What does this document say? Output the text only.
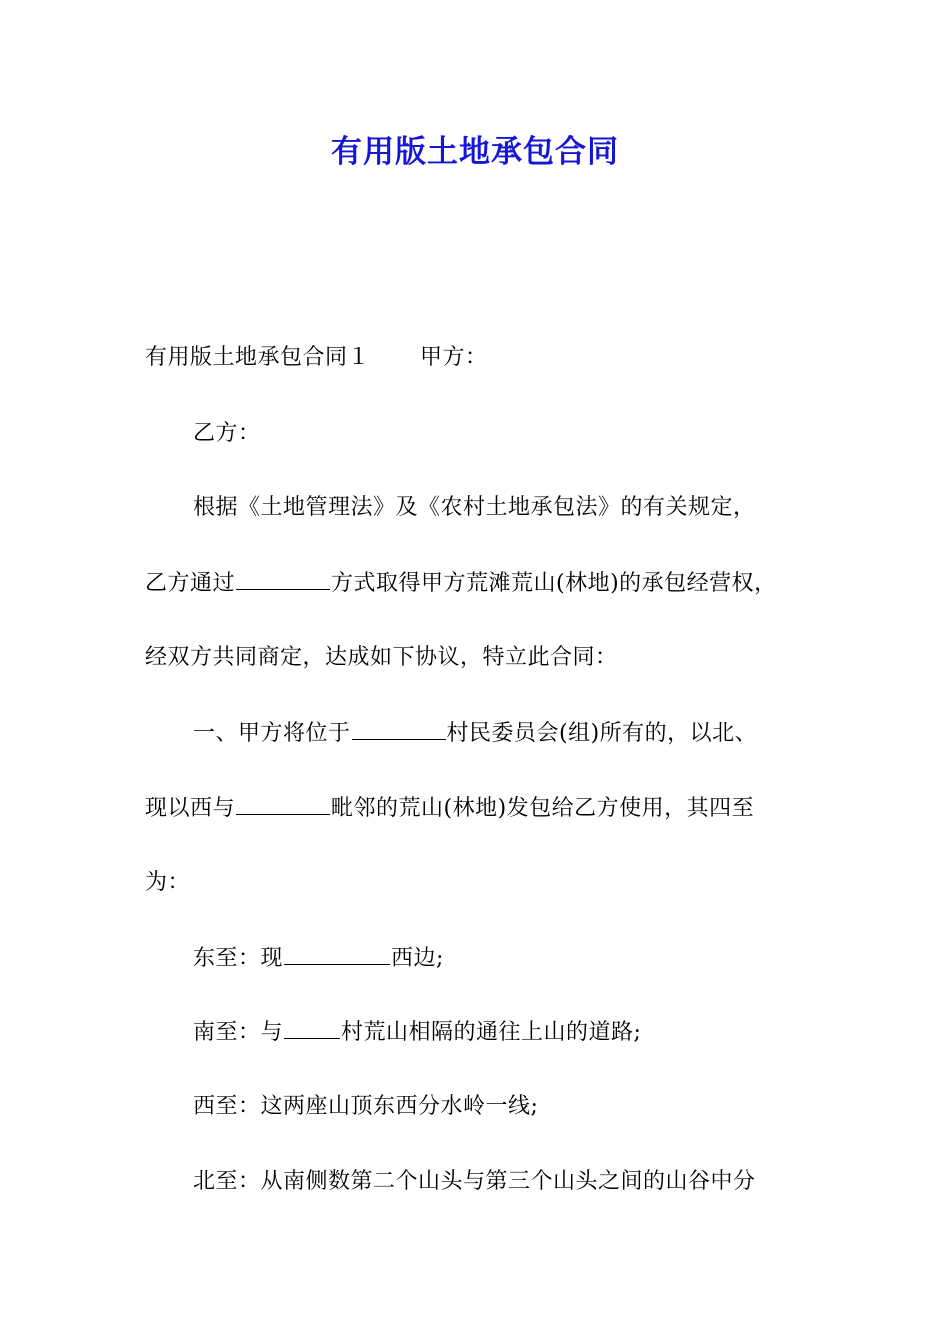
有用版土地承包合同
有用版土地承包合同１ 甲方：
乙方：
根据《土地管理法》及《农村土地承包法》的有关规定，
乙方通过	方式取得甲方荒滩荒山(林地)的承包经营权，
经双方共同商定，达成如下协议，特立此合同：
一、甲方将位于	村民委员会(组)所有的，以北、
现以西与	毗邻的荒山(林地)发包给乙方使用，其四至
为：
东至：现	西边;
南至：与	村荒山相隔的通往上山的道路;
西至：这两座山顶东西分水岭一线;
北至：从南侧数第二个山头与第三个山头之间的山谷中分
